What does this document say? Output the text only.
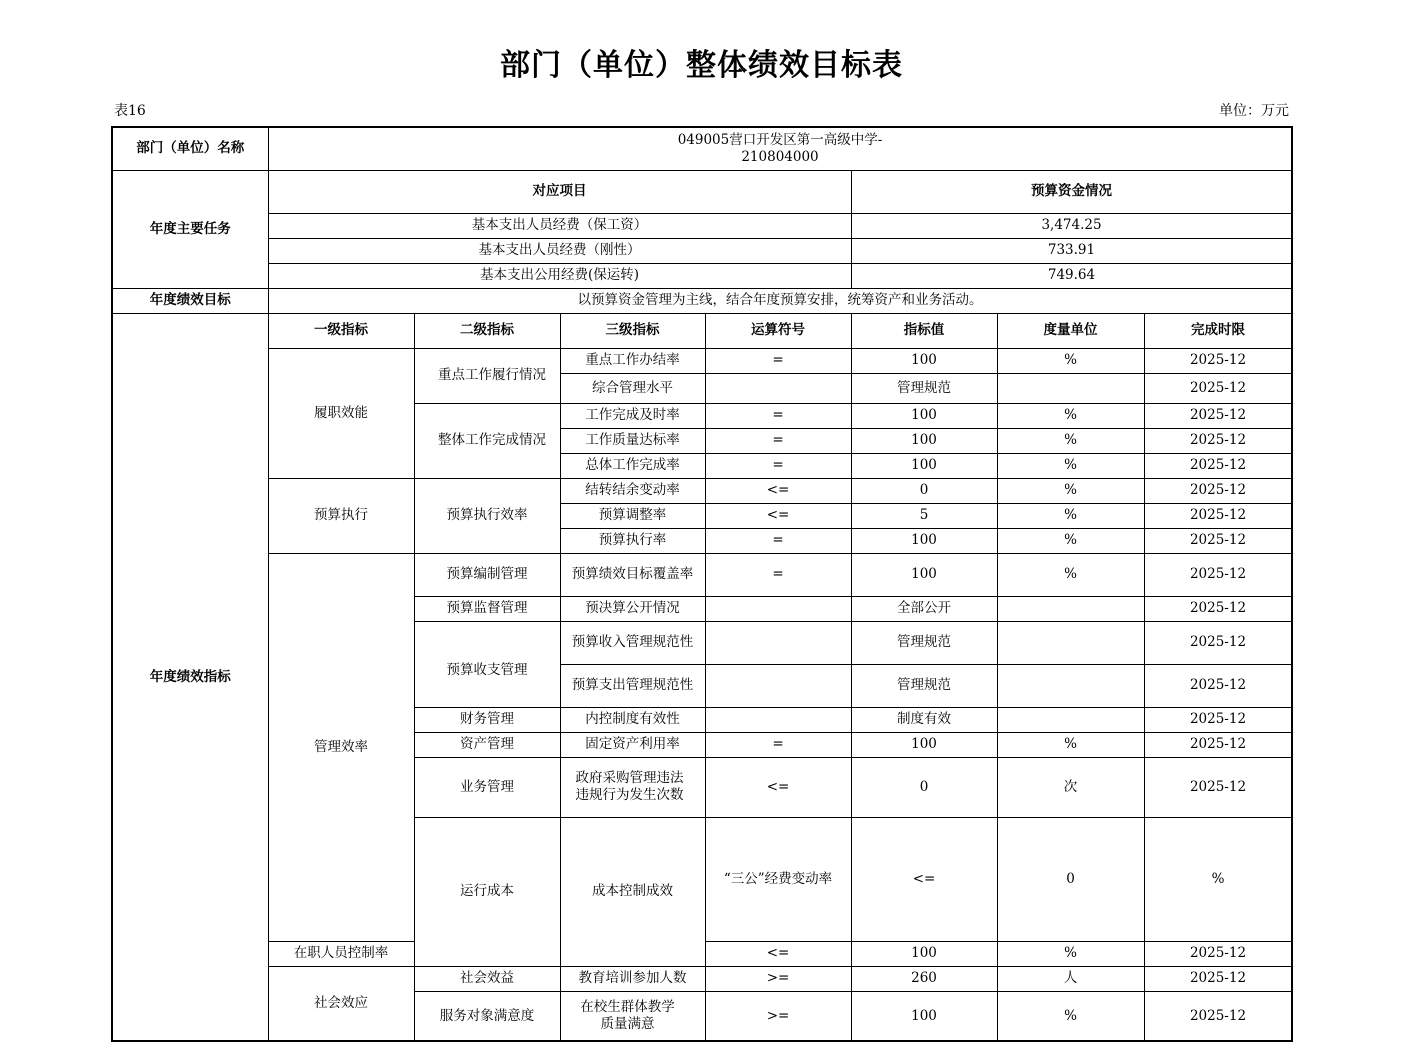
部门（单位）整体绩效目标表
表16	单位：万元
部门（单位）名称	049005营口开发区第一高级中学-
210804000							

年度主要任务	对应项目				预算资金情况			
	基本支出人员经费（保工资）				3,474.25			
	基本支出人员经费（刚性）				733.91			
	基本支出公用经费(保运转)				749.64			
年度绩效目标	以预算资金管理为主线，结合年度预算安排，统筹资产和业务活动。							
年度绩效指标	一级指标	二级指标	三级指标	运算符号	指标值	度量单位	完成时限	
	履职效能	重点工作履行情况	重点工作办结率	=	100	%	2025-12	
			综合管理水平		管理规范		2025-12	
		整体工作完成情况	工作完成及时率	=	100	%	2025-12	
			工作质量达标率	=	100	%	2025-12	
			总体工作完成率	=	100	%	2025-12	
	预算执行	预算执行效率	结转结余变动率	<=	0	%	2025-12	
			预算调整率	<=	5	%	2025-12	
			预算执行率	=	100	%	2025-12	
	管理效率	预算编制管理	预算绩效目标覆盖率	=	100	%	2025-12	
		预算监督管理	预决算公开情况		全部公开		2025-12	
		预算收支管理	预算收入管理规范性		管理规范		2025-12	
			预算支出管理规范性		管理规范		2025-12	
		财务管理	内控制度有效性		制度有效		2025-12	
		资产管理	固定资产利用率	=	100	%	2025-12	
		业务管理	政府采购管理违法违规行为发生次数	<=	0	次	2025-12	

		运行成本	成本控制成效	“三公”经费变动率	<=	0	%	
	在职人员控制率			<=	100	%	2025-12	
	社会效应	社会效益	教育培训参加人数	>=	260	人	2025-12	
		服务对象满意度	在校生群体教学质量满意	>=	100	%	2025-12	
